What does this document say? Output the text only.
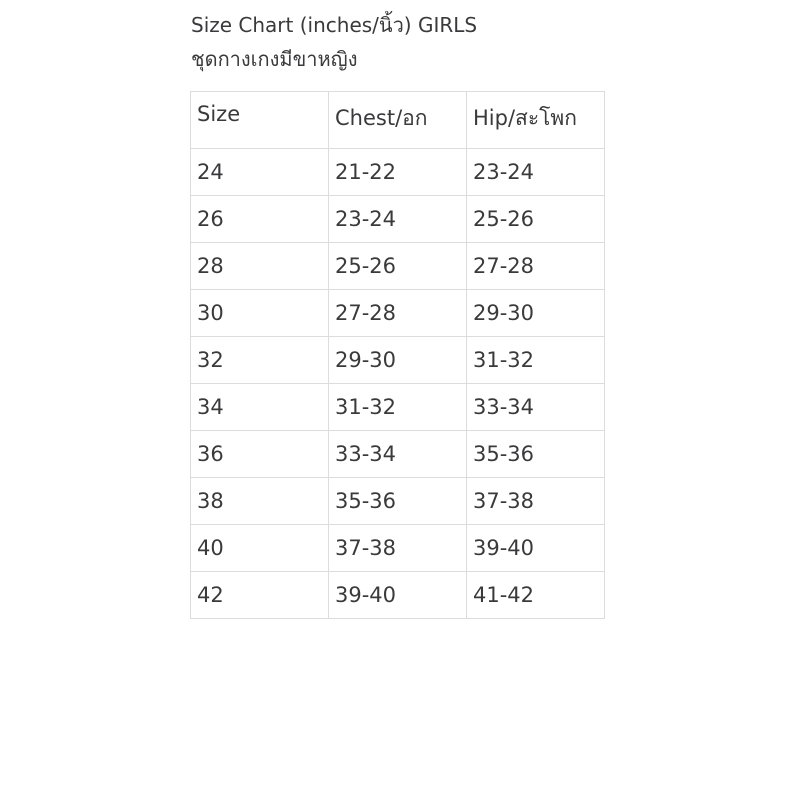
Size Chart (inches/นิ้ว) GIRLS
ชุดกางเกงมีขาหญิง
Size	Chest/อก	Hip/สะโพก
24	21-22	23-24
26	23-24	25-26
28	25-26	27-28
30	27-28	29-30
32	29-30	31-32
34	31-32	33-34
36	33-34	35-36
38	35-36	37-38
40	37-38	39-40
42	39-40	41-42
